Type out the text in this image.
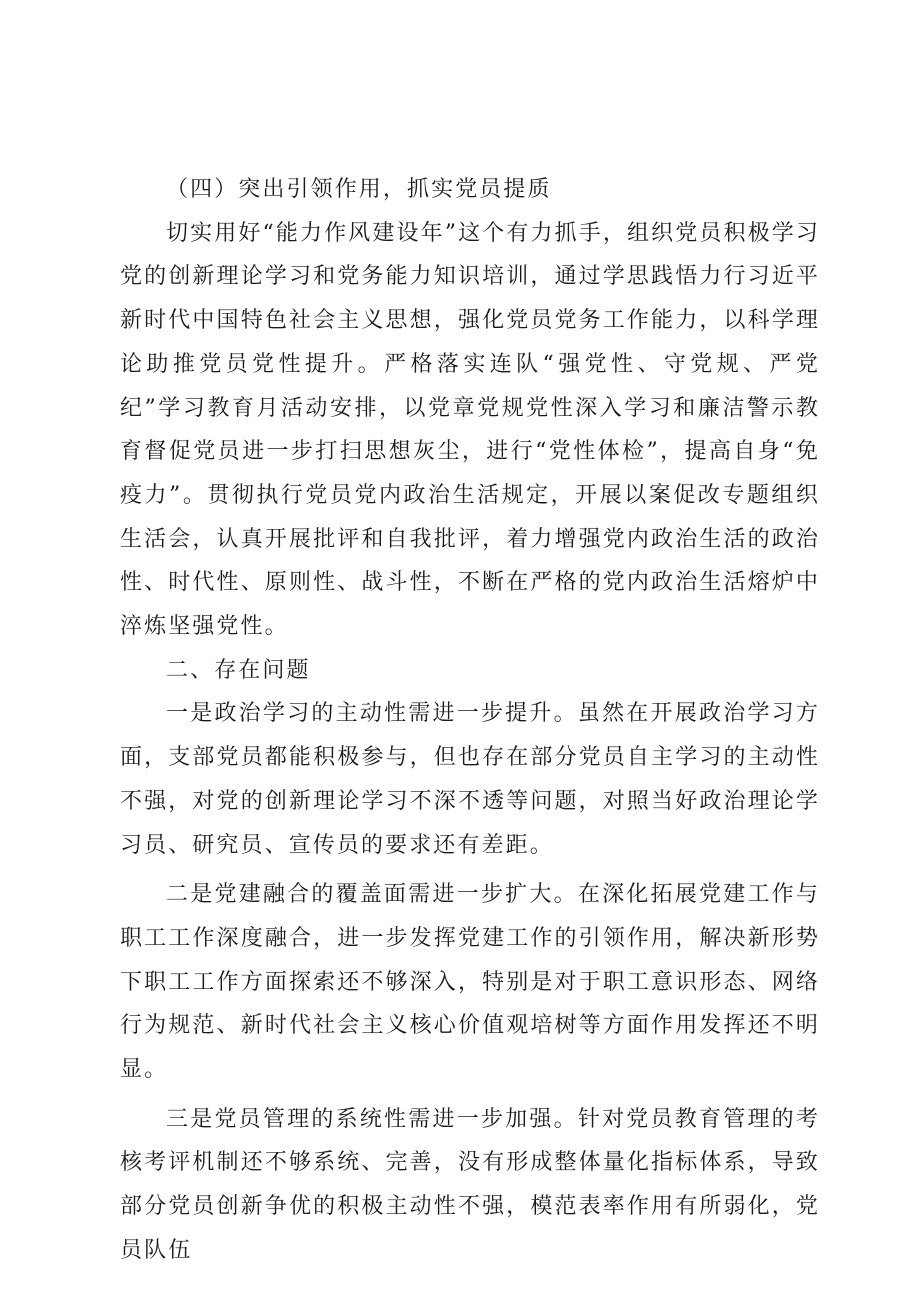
（四）突出引领作用，抓实党员提质

切实用好“能力作风建设年”这个有力抓手，组织党员积极学习党的创新理论学习和党务能力知识培训，通过学思践悟力行习近平新时代中国特色社会主义思想，强化党员党务工作能力，以科学理论助推党员党性提升。严格落实连队“强党性、守党规、严党纪”学习教育月活动安排，以党章党规党性深入学习和廉洁警示教育督促党员进一步打扫思想灰尘，进行“党性体检”，提高自身“免疫力”。贯彻执行党员党内政治生活规定，开展以案促改专题组织生活会，认真开展批评和自我批评，着力增强党内政治生活的政治性、时代性、原则性、战斗性，不断在严格的党内政治生活熔炉中淬炼坚强党性。

二、存在问题

一是政治学习的主动性需进一步提升。虽然在开展政治学习方面，支部党员都能积极参与，但也存在部分党员自主学习的主动性不强，对党的创新理论学习不深不透等问题，对照当好政治理论学习员、研究员、宣传员的要求还有差距。

二是党建融合的覆盖面需进一步扩大。在深化拓展党建工作与职工工作深度融合，进一步发挥党建工作的引领作用，解决新形势下职工工作方面探索还不够深入，特别是对于职工意识形态、网络行为规范、新时代社会主义核心价值观培树等方面作用发挥还不明显。

三是党员管理的系统性需进一步加强。针对党员教育管理的考核考评机制还不够系统、完善，没有形成整体量化指标体系，导致部分党员创新争优的积极主动性不强，模范表率作用有所弱化，党员队伍
